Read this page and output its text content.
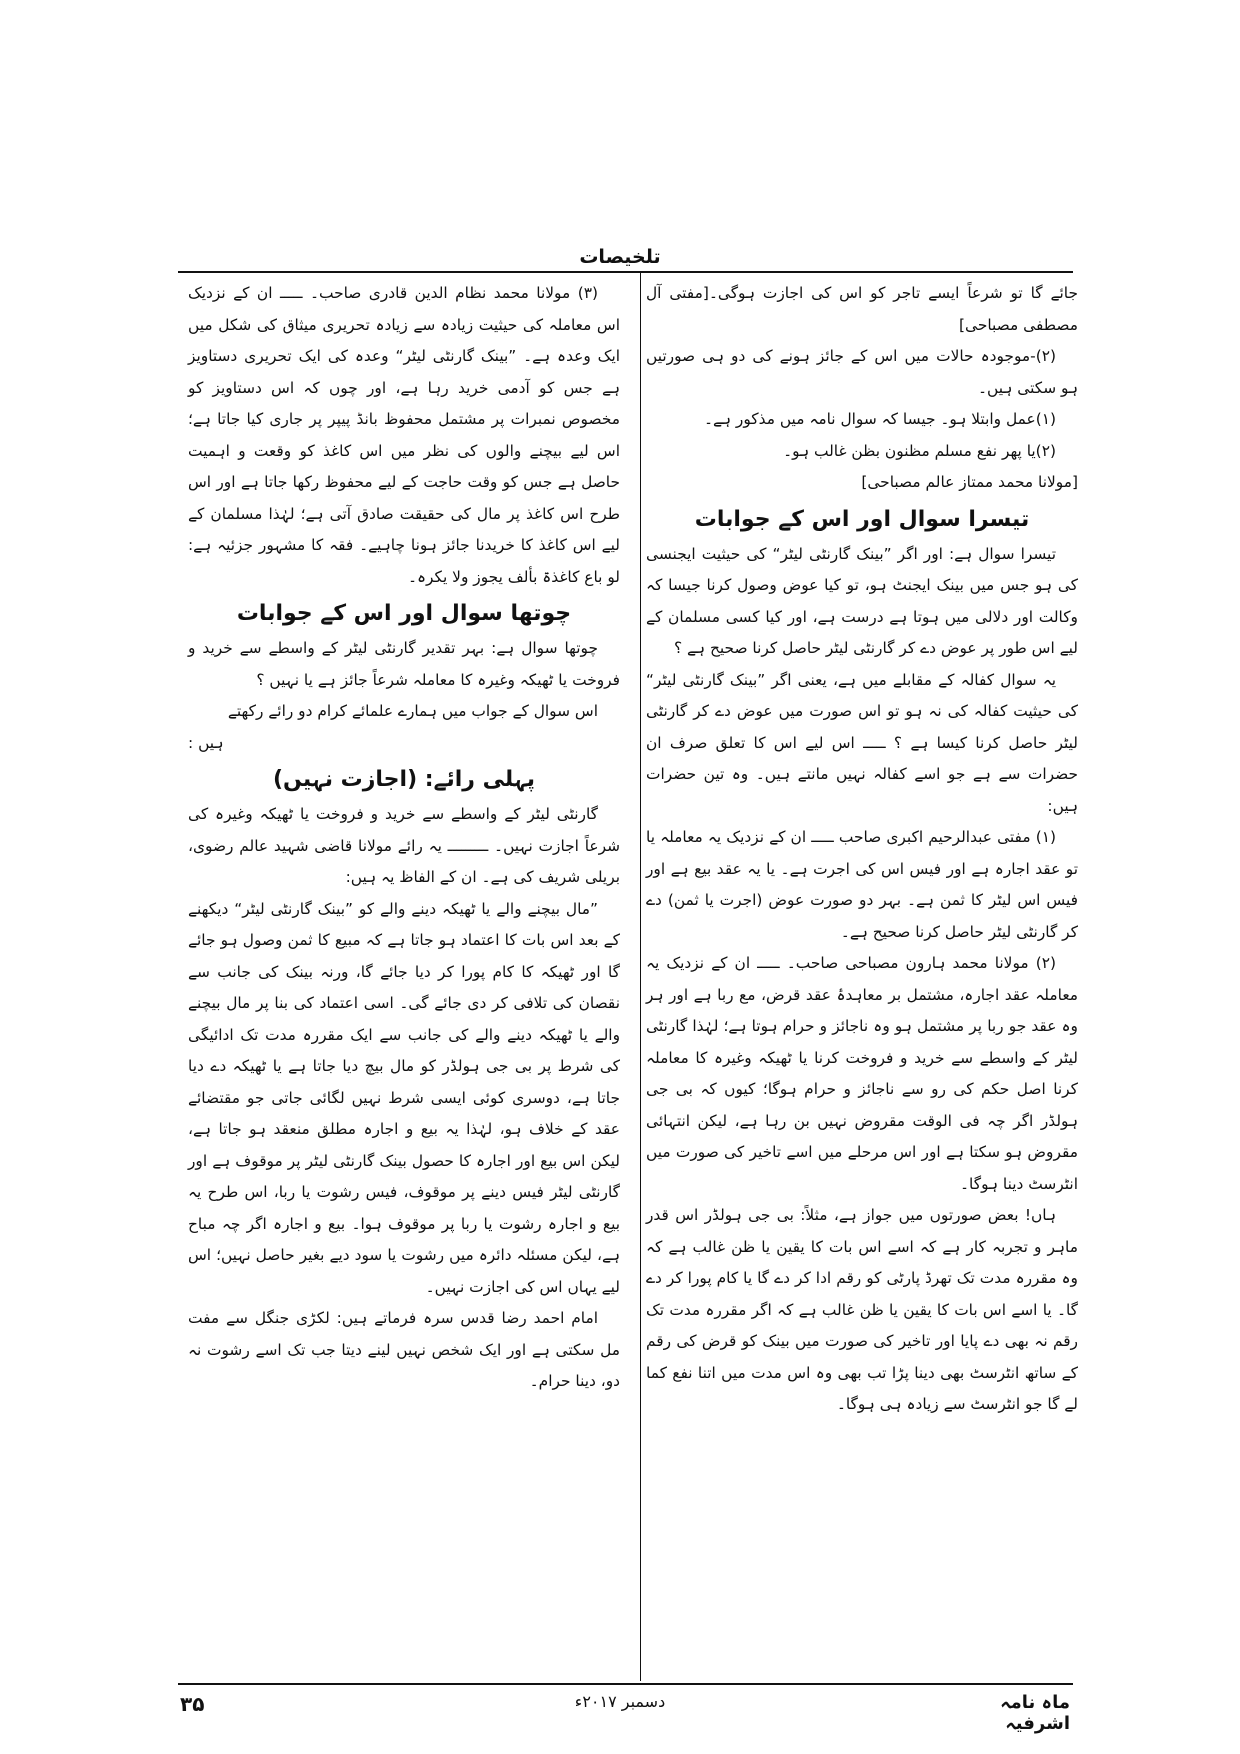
تلخیصات

جائے گا تو شرعاً ایسے تاجر کو اس کی اجازت ہوگی۔[مفتی آل مصطفی مصباحی]

(۲)-موجودہ حالات میں اس کے جائز ہونے کی دو ہی صورتیں ہو سکتی ہیں۔

(۱)عمل وابتلا ہو۔ جیسا کہ سوال نامہ میں مذکور ہے۔

(۲)یا پھر نفع مسلم مظنون بظن غالب ہو۔

[مولانا محمد ممتاز عالم مصباحی]

تیسرا سوال اور اس کے جوابات

تیسرا سوال ہے: اور اگر ”بینک گارنٹی لیٹر“ کی حیثیت ایجنسی کی ہو جس میں بینک ایجنٹ ہو، تو کیا عوض وصول کرنا جیسا کہ وکالت اور دلالی میں ہوتا ہے درست ہے، اور کیا کسی مسلمان کے لیے اس طور پر عوض دے کر گارنٹی لیٹر حاصل کرنا صحیح ہے ؟

یہ سوال کفالہ کے مقابلے میں ہے، یعنی اگر ”بینک گارنٹی لیٹر“ کی حیثیت کفالہ کی نہ ہو تو اس صورت میں عوض دے کر گارنٹی لیٹر حاصل کرنا کیسا ہے ؟ ـــــ اس لیے اس کا تعلق صرف ان حضرات سے ہے جو اسے کفالہ نہیں مانتے ہیں۔ وہ تین حضرات ہیں:

(۱) مفتی عبدالرحیم اکبری صاحب ـــــ ان کے نزدیک یہ معاملہ یا تو عقد اجارہ ہے اور فیس اس کی اجرت ہے۔ یا یہ عقد بیع ہے اور فیس اس لیٹر کا ثمن ہے۔ بہر دو صورت عوض (اجرت یا ثمن) دے کر گارنٹی لیٹر حاصل کرنا صحیح ہے۔

(۲) مولانا محمد ہارون مصباحی صاحب۔ ـــــ ان کے نزدیک یہ معاملہ عقد اجارہ، مشتمل بر معاہدۂ عقد قرض، مع ربا ہے اور ہر وہ عقد جو ربا پر مشتمل ہو وہ ناجائز و حرام ہوتا ہے؛ لہٰذا گارنٹی لیٹر کے واسطے سے خرید و فروخت کرنا یا ٹھیکہ وغیرہ کا معاملہ کرنا اصل حکم کی رو سے ناجائز و حرام ہوگا؛ کیوں کہ بی جی ہولڈر اگر چہ فی الوقت مقروض نہیں بن رہا ہے، لیکن انتہائی مقروض ہو سکتا ہے اور اس مرحلے میں اسے تاخیر کی صورت میں انٹرسٹ دینا ہوگا۔

ہاں! بعض صورتوں میں جواز ہے، مثلاً: بی جی ہولڈر اس قدر ماہر و تجربہ کار ہے کہ اسے اس بات کا یقین یا ظن غالب ہے کہ وہ مقررہ مدت تک تھرڈ پارٹی کو رقم ادا کر دے گا یا کام پورا کر دے گا۔ یا اسے اس بات کا یقین یا ظن غالب ہے کہ اگر مقررہ مدت تک رقم نہ بھی دے پایا اور تاخیر کی صورت میں بینک کو قرض کی رقم کے ساتھ انٹرسٹ بھی دینا پڑا تب بھی وہ اس مدت میں اتنا نفع کما لے گا جو انٹرسٹ سے زیادہ ہی ہوگا۔

(۳) مولانا محمد نظام الدین قادری صاحب۔ ـــــ ان کے نزدیک اس معاملہ کی حیثیت زیادہ سے زیادہ تحریری میثاق کی شکل میں ایک وعدہ ہے۔ ”بینک گارنٹی لیٹر“ وعدہ کی ایک تحریری دستاویز ہے جس کو آدمی خرید رہا ہے، اور چوں کہ اس دستاویز کو مخصوص نمبرات پر مشتمل محفوظ بانڈ پیپر پر جاری کیا جاتا ہے؛ اس لیے بیچنے والوں کی نظر میں اس کاغذ کو وقعت و اہمیت حاصل ہے جس کو وقت حاجت کے لیے محفوظ رکھا جاتا ہے اور اس طرح اس کاغذ پر مال کی حقیقت صادق آتی ہے؛ لہٰذا مسلمان کے لیے اس کاغذ کا خریدنا جائز ہونا چاہیے۔ فقہ کا مشہور جزئیہ ہے: لو باع کاغذۃ بألف یجوز ولا یکرہ۔

چوتھا سوال اور اس کے جوابات

چوتھا سوال ہے: بہر تقدیر گارنٹی لیٹر کے واسطے سے خرید و فروخت یا ٹھیکہ وغیرہ کا معاملہ شرعاً جائز ہے یا نہیں ؟

اس سوال کے جواب میں ہمارے علمائے کرام دو رائے رکھتے

ہیں :

پہلی رائے: (اجازت نہیں)

گارنٹی لیٹر کے واسطے سے خرید و فروخت یا ٹھیکہ وغیرہ کی شرعاً اجازت نہیں۔ ـــــــــ یہ رائے مولانا قاضی شہید عالم رضوی، بریلی شریف کی ہے۔ ان کے الفاظ یہ ہیں:

”مال بیچنے والے یا ٹھیکہ دینے والے کو ”بینک گارنٹی لیٹر“ دیکھنے کے بعد اس بات کا اعتماد ہو جاتا ہے کہ مبیع کا ثمن وصول ہو جائے گا اور ٹھیکہ کا کام پورا کر دیا جائے گا، ورنہ بینک کی جانب سے نقصان کی تلافی کر دی جائے گی۔ اسی اعتماد کی بنا پر مال بیچنے والے یا ٹھیکہ دینے والے کی جانب سے ایک مقررہ مدت تک ادائیگی کی شرط پر بی جی ہولڈر کو مال بیچ دیا جاتا ہے یا ٹھیکہ دے دیا جاتا ہے، دوسری کوئی ایسی شرط نہیں لگائی جاتی جو مقتضائے عقد کے خلاف ہو، لہٰذا یہ بیع و اجارہ مطلق منعقد ہو جاتا ہے، لیکن اس بیع اور اجارہ کا حصول بینک گارنٹی لیٹر پر موقوف ہے اور گارنٹی لیٹر فیس دینے پر موقوف، فیس رشوت یا ربا، اس طرح یہ بیع و اجارہ رشوت یا ربا پر موقوف ہوا۔ بیع و اجارہ اگر چہ مباح ہے، لیکن مسئلہ دائرہ میں رشوت یا سود دیے بغیر حاصل نہیں؛ اس لیے یہاں اس کی اجازت نہیں۔

امام احمد رضا قدس سرہ فرماتے ہیں: لکڑی جنگل سے مفت مل سکتی ہے اور ایک شخص نہیں لینے دیتا جب تک اسے رشوت نہ دو، دینا حرام۔

ماہ نامہ اشرفیہ
دسمبر ۲۰۱۷ء
۳۵
